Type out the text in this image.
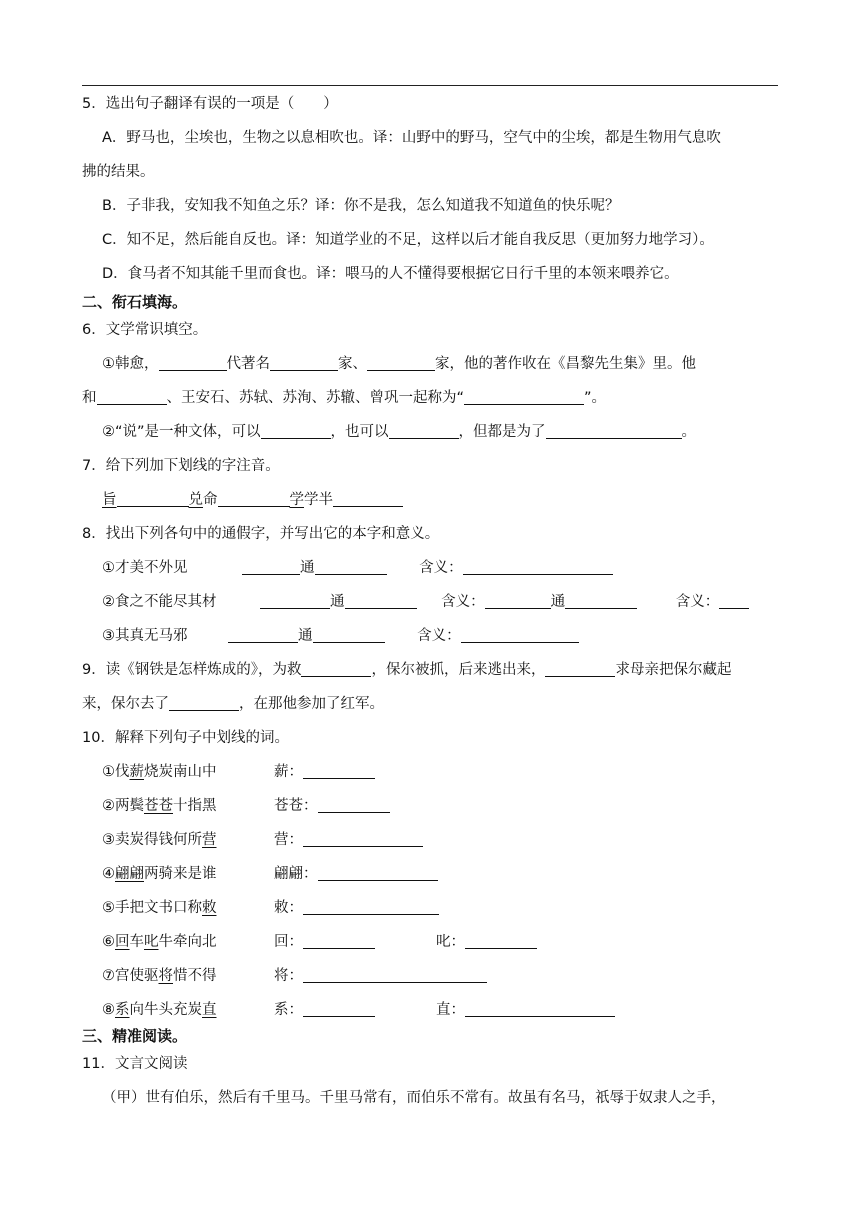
5．选出句子翻译有误的一项是（　　）
A．野马也，尘埃也，生物之以息相吹也。译：山野中的野马，空气中的尘埃，都是生物用气息吹
拂的结果。
B．子非我，安知我不知鱼之乐？译：你不是我，怎么知道我不知道鱼的快乐呢？
C．知不足，然后能自反也。译：知道学业的不足，这样以后才能自我反思（更加努力地学习）。
D．食马者不知其能千里而食也。译：喂马的人不懂得要根据它日行千里的本领来喂养它。
二、衔石填海。
6．文学常识填空。
①韩愈，	代著名	家、	家，他的著作收在《昌黎先生集》里。他
和	、王安石、苏轼、苏洵、苏辙、曾巩一起称为“	”。
②“说”是一种文体，可以	，也可以	，但都是为了	。
7．给下列加下划线的字注音。
旨	兑命	学学半
8．找出下列各句中的通假字，并写出它的本字和意义。
①才美不外见	通	含义：
②食之不能尽其材	通	含义：	通	含义：
③其真无马邪	通	含义：
9．读《钢铁是怎样炼成的》，为救	，保尔被抓，后来逃出来，	求母亲把保尔藏起
来，保尔去了	，在那他参加了红军。
10．解释下列句子中划线的词。
①伐薪烧炭南山中	薪：
②两鬓苍苍十指黑	苍苍：
③卖炭得钱何所营	营：
④翩翩两骑来是谁	翩翩：
⑤手把文书口称敕	敕：
⑥回车叱牛牵向北	回：	叱：
⑦宫使驱将惜不得	将：
⑧系向牛头充炭直	系：	直：
三、精准阅读。
11．文言文阅读
（甲）世有伯乐，然后有千里马。千里马常有，而伯乐不常有。故虽有名马，祇辱于奴隶人之手，
